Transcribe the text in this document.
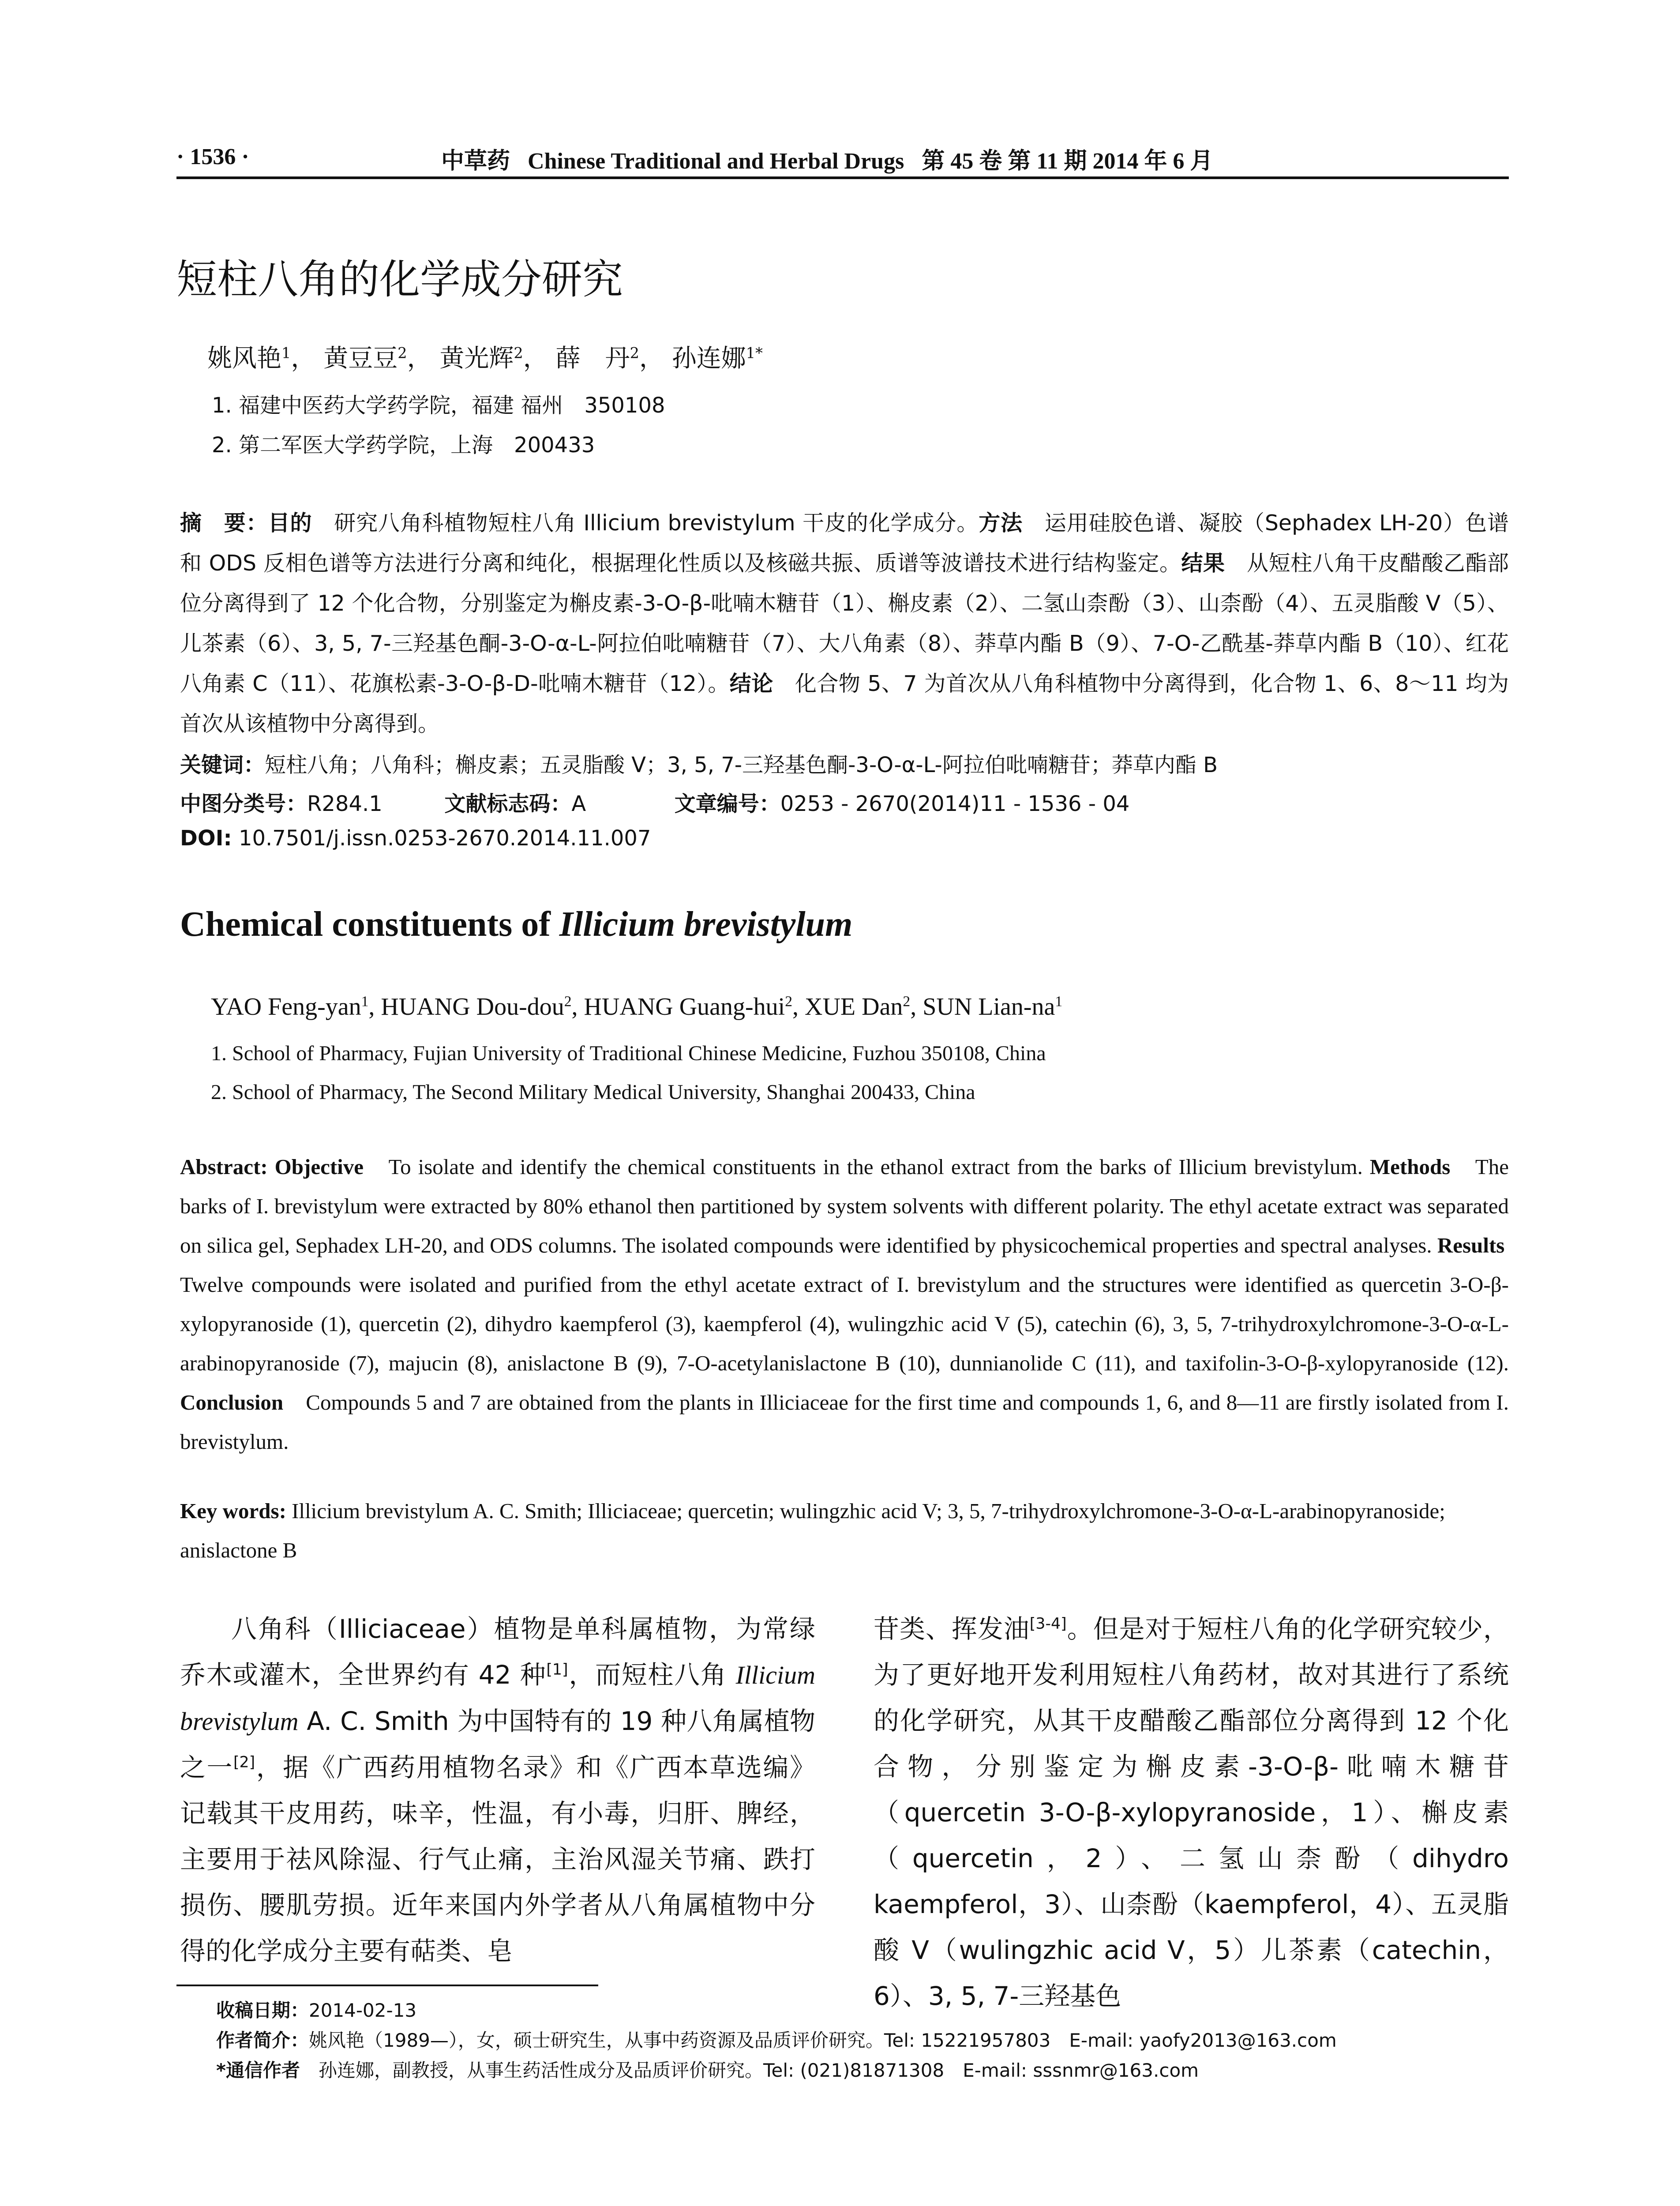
· 1536 ·	中草药 Chinese Traditional and Herbal Drugs 第 45 卷 第 11 期 2014 年 6 月
短柱八角的化学成分研究
姚风艳$^1$， 黄豆豆$^2$， 黄光辉$^2$， 薛　丹$^2$， 孙连娜$^{1*}$
1. 福建中医药大学药学院，福建 福州　350108
2. 第二军医大学药学院，上海　200433
摘　要：目的　研究八角科植物短柱八角 Illicium brevistylum 干皮的化学成分。方法　运用硅胶色谱、凝胶（Sephadex LH-20）色谱和 ODS 反相色谱等方法进行分离和纯化，根据理化性质以及核磁共振、质谱等波谱技术进行结构鉴定。结果　从短柱八角干皮醋酸乙酯部位分离得到了 12 个化合物，分别鉴定为槲皮素-3-O-β-吡喃木糖苷（1）、槲皮素（2）、二氢山柰酚（3）、山柰酚（4）、五灵脂酸 V（5）、儿茶素（6）、3, 5, 7-三羟基色酮-3-O-α-L-阿拉伯吡喃糖苷（7）、大八角素（8）、莽草内酯 B（9）、7-O-乙酰基-莽草内酯 B（10）、红花八角素 C（11）、花旗松素-3-O-β-D-吡喃木糖苷（12）。结论　化合物 5、7 为首次从八角科植物中分离得到，化合物 1、6、8～11 均为首次从该植物中分离得到。
关键词：短柱八角；八角科；槲皮素；五灵脂酸 V；3, 5, 7-三羟基色酮-3-O-α-L-阿拉伯吡喃糖苷；莽草内酯 B
中图分类号：R284.1	文献标志码：A	文章编号：0253 - 2670(2014)11 - 1536 - 04
DOI: 10.7501/j.issn.0253-2670.2014.11.007
Chemical constituents of Illicium brevistylum
YAO Feng-yan$^1$, HUANG Dou-dou$^2$, HUANG Guang-hui$^2$, XUE Dan$^2$, SUN Lian-$na^1$
1. School of Pharmacy, Fujian University of Traditional Chinese Medicine, Fuzhou 350108, China
2. School of Pharmacy, The Second Military Medical University, Shanghai 200433, China
Abstract: Objective　To isolate and identify the chemical constituents in the ethanol extract from the barks of Illicium brevistylum. Methods　The barks of I. brevistylum were extracted by 80% ethanol then partitioned by system solvents with different polarity. The ethyl acetate extract was separated on silica gel, Sephadex LH-20, and ODS columns. The isolated compounds were identified by physicochemical properties and spectral analyses. Results　Twelve compounds were isolated and purified from the ethyl acetate extract of I. brevistylum and the structures were identified as quercetin 3-O-β-xylopyranoside (1), quercetin (2), dihydro kaempferol (3), kaempferol (4), wulingzhic acid V (5), catechin (6), 3, 5, 7-trihydroxylchromone-3-O-α-L-arabinopyranoside (7), majucin (8), anislactone B (9), 7-O-acetylanislactone B (10), dunnianolide C (11), and taxifolin-3-O-β-xylopyranoside (12). Conclusion　Compounds 5 and 7 are obtained from the plants in Illiciaceae for the first time and compounds 1, 6, and 8—11 are firstly isolated from I. brevistylum.
Key words: Illicium brevistylum A. C. Smith; Illiciaceae; quercetin; wulingzhic acid V; 3, 5, 7-trihydroxylchromone-3-O-α-L-arabinopyranoside; anislactone B
八角科（Illiciaceae）植物是单科属植物，为常绿乔木或灌木，全世界约有 42 种[1]，而短柱八角 Illicium brevistylum A. C. Smith 为中国特有的 19 种八角属植物之一[2]，据《广西药用植物名录》和《广西本草选编》记载其干皮用药，味辛，性温，有小毒，归肝、脾经，主要用于祛风除湿、行气止痛，主治风湿关节痛、跌打损伤、腰肌劳损。近年来国内外学者从八角属植物中分得的化学成分主要有萜类、皂
苷类、挥发油[3-4]。但是对于短柱八角的化学研究较少，为了更好地开发利用短柱八角药材，故对其进行了系统的化学研究，从其干皮醋酸乙酯部位分离得到 12 个化合物，分别鉴定为槲皮素-3-O-β-吡喃木糖苷（quercetin 3-O-β-xylopyranoside，1）、槲皮素（quercetin，2）、二氢山柰酚（dihydro kaempferol，3）、山柰酚（kaempferol，4）、五灵脂酸 V（wulingzhic acid V，5）儿茶素（catechin，6）、3, 5, 7-三羟基色
收稿日期：2014-02-13
作者简介：姚风艳（1989—），女，硕士研究生，从事中药资源及品质评价研究。Tel: 15221957803　E-mail: yaofy2013@163.com
*通信作者　孙连娜，副教授，从事生药活性成分及品质评价研究。Tel: (021)81871308　E-mail: sssnmr@163.com
